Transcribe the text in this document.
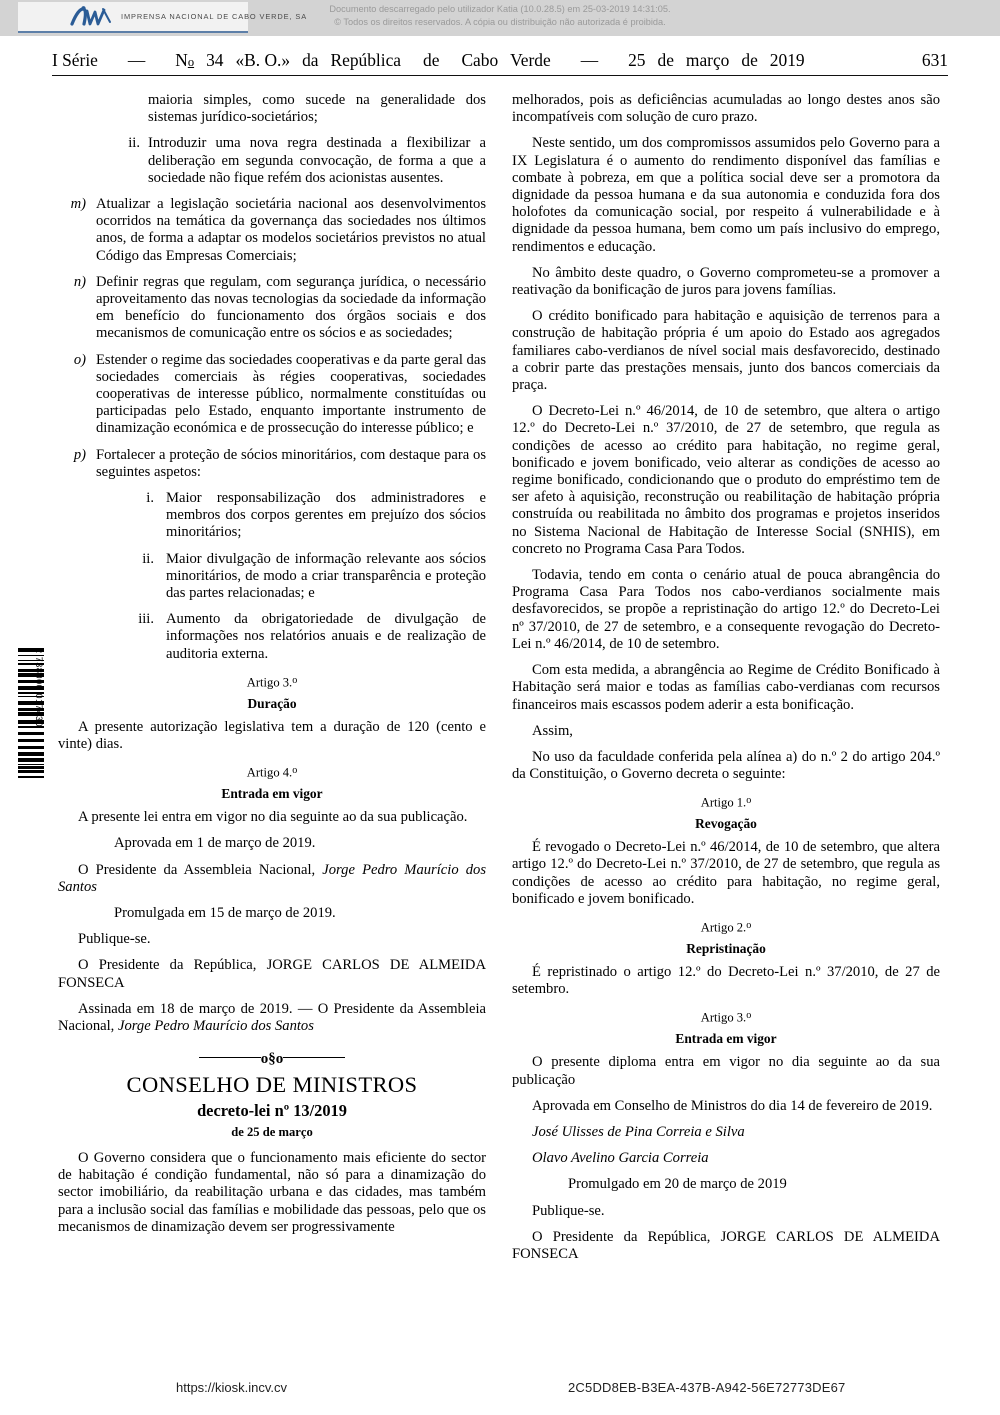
IMPRENSA NACIONAL DE CABO VERDE, SA
Documento descarregado pelo utilizador Katia (10.0.28.5) em 25-03-2019 14:31:05.
© Todos os direitos reservados. A cópia ou distribuição não autorizada é proibida.
I Série — N o 34 «B. O.» da República de Cabo Verde — 25 de março de 2019	631
2 738000 017430
maioria simples, como sucede na generalidade dos sistemas jurídico-societários;
ii. Introduzir uma nova regra destinada a flexibilizar a deliberação em segunda convocação, de forma a que a sociedade não fique refém dos acionistas ausentes.
m) Atualizar a legislação societária nacional aos desenvolvimentos ocorridos na temática da governança das sociedades nos últimos anos, de forma a adaptar os modelos societários previstos no atual Código das Empresas Comerciais;
n) Definir regras que regulam, com segurança jurídica, o necessário aproveitamento das novas tecnologias da sociedade da informação em benefício do funcionamento dos órgãos sociais e dos mecanismos de comunicação entre os sócios e as sociedades;
o) Estender o regime das sociedades cooperativas e da parte geral das sociedades comerciais às régies cooperativas, sociedades cooperativas de interesse público, normalmente constituídas ou participadas pelo Estado, enquanto importante instrumento de dinamização económica e de prossecução do interesse público; e
p) Fortalecer a proteção de sócios minoritários, com destaque para os seguintes aspetos:
i. Maior responsabilização dos administradores e membros dos corpos gerentes em prejuízo dos sócios minoritários;
ii. Maior divulgação de informação relevante aos sócios minoritários, de modo a criar transparência e proteção das partes relacionadas; e
iii. Aumento da obrigatoriedade de divulgação de informações nos relatórios anuais e de realização de auditoria externa.

Artigo 3.$^o$

Duração

A presente autorização legislativa tem a duração de 120 (cento e vinte) dias.

Artigo 4.$^o$

Entrada em vigor

A presente lei entra em vigor no dia seguinte ao da sua publicação.

Aprovada em 1 de março de 2019.

O Presidente da Assembleia Nacional, Jorge Pedro Maurício dos Santos

Promulgada em 15 de março de 2019.

Publique-se.

O Presidente da República, JORGE CARLOS DE ALMEIDA FONSECA

Assinada em 18 de março de 2019. — O Presidente da Assembleia Nacional, Jorge Pedro Maurício dos Santos

o§o

CONSELHO DE MINISTROS

decreto-lei nº 13/2019

de 25 de março

O Governo considera que o funcionamento mais eficiente do sector de habitação é condição fundamental, não só para a dinamização do sector imobiliário, da reabilitação urbana e das cidades, mas também para a inclusão social das famílias e mobilidade das pessoas, pelo que os mecanismos de dinamização devem ser progressivamente

melhorados, pois as deficiências acumuladas ao longo destes anos são incompatíveis com solução de curo prazo.

Neste sentido, um dos compromissos assumidos pelo Governo para a IX Legislatura é o aumento do rendimento disponível das famílias e combate à pobreza, em que a política social deve ser a promotora da dignidade da pessoa humana e da sua autonomia e conduzida fora dos holofotes da comunicação social, por respeito á vulnerabilidade e à dignidade da pessoa humana, bem como um país inclusivo do emprego, rendimentos e educação.

No âmbito deste quadro, o Governo comprometeu-se a promover a reativação da bonificação de juros para jovens famílias.

O crédito bonificado para habitação e aquisição de terrenos para a construção de habitação própria é um apoio do Estado aos agregados familiares cabo-verdianos de nível social mais desfavorecido, destinado a cobrir parte das prestações mensais, junto dos bancos comerciais da praça.

O Decreto-Lei n.º 46/2014, de 10 de setembro, que altera o artigo 12.º do Decreto-Lei n.º 37/2010, de 27 de setembro, que regula as condições de acesso ao crédito para habitação, no regime geral, bonificado e jovem bonificado, veio alterar as condições de acesso ao regime bonificado, condicionando que o produto do empréstimo tem de ser afeto à aquisição, reconstrução ou reabilitação de habitação própria construída ou reabilitada no âmbito dos programas e projetos inseridos no Sistema Nacional de Habitação de Interesse Social (SNHIS), em concreto no Programa Casa Para Todos.

Todavia, tendo em conta o cenário atual de pouca abrangência do Programa Casa Para Todos nos cabo-verdianos socialmente mais desfavorecidos, se propõe a repristinação do artigo 12.º do Decreto-Lei nº 37/2010, de 27 de setembro, e a consequente revogação do Decreto-Lei n.º 46/2014, de 10 de setembro.

Com esta medida, a abrangência ao Regime de Crédito Bonificado à Habitação será maior e todas as famílias cabo-verdianas com recursos financeiros mais escassos podem aderir a esta bonificação.

Assim,

No uso da faculdade conferida pela alínea a) do n.º 2 do artigo 204.º da Constituição, o Governo decreta o seguinte:

Artigo 1.$^o$

Revogação

É revogado o Decreto-Lei n.º 46/2014, de 10 de setembro, que altera artigo 12.º do Decreto-Lei n.º 37/2010, de 27 de setembro, que regula as condições de acesso ao crédito para habitação, no regime geral, bonificado e jovem bonificado.

Artigo 2.$^o$

Repristinação

É repristinado o artigo 12.º do Decreto-Lei n.º 37/2010, de 27 de setembro.

Artigo 3.$^o$

Entrada em vigor

O presente diploma entra em vigor no dia seguinte ao da sua publicação

Aprovada em Conselho de Ministros do dia 14 de fevereiro de 2019.

José Ulisses de Pina Correia e Silva

Olavo Avelino Garcia Correia

Promulgado em 20 de março de 2019

Publique-se.

O Presidente da República, JORGE CARLOS DE ALMEIDA FONSECA

https://kiosk.incv.cv	2C5DD8EB-B3EA-437B-A942-56E72773DE67
